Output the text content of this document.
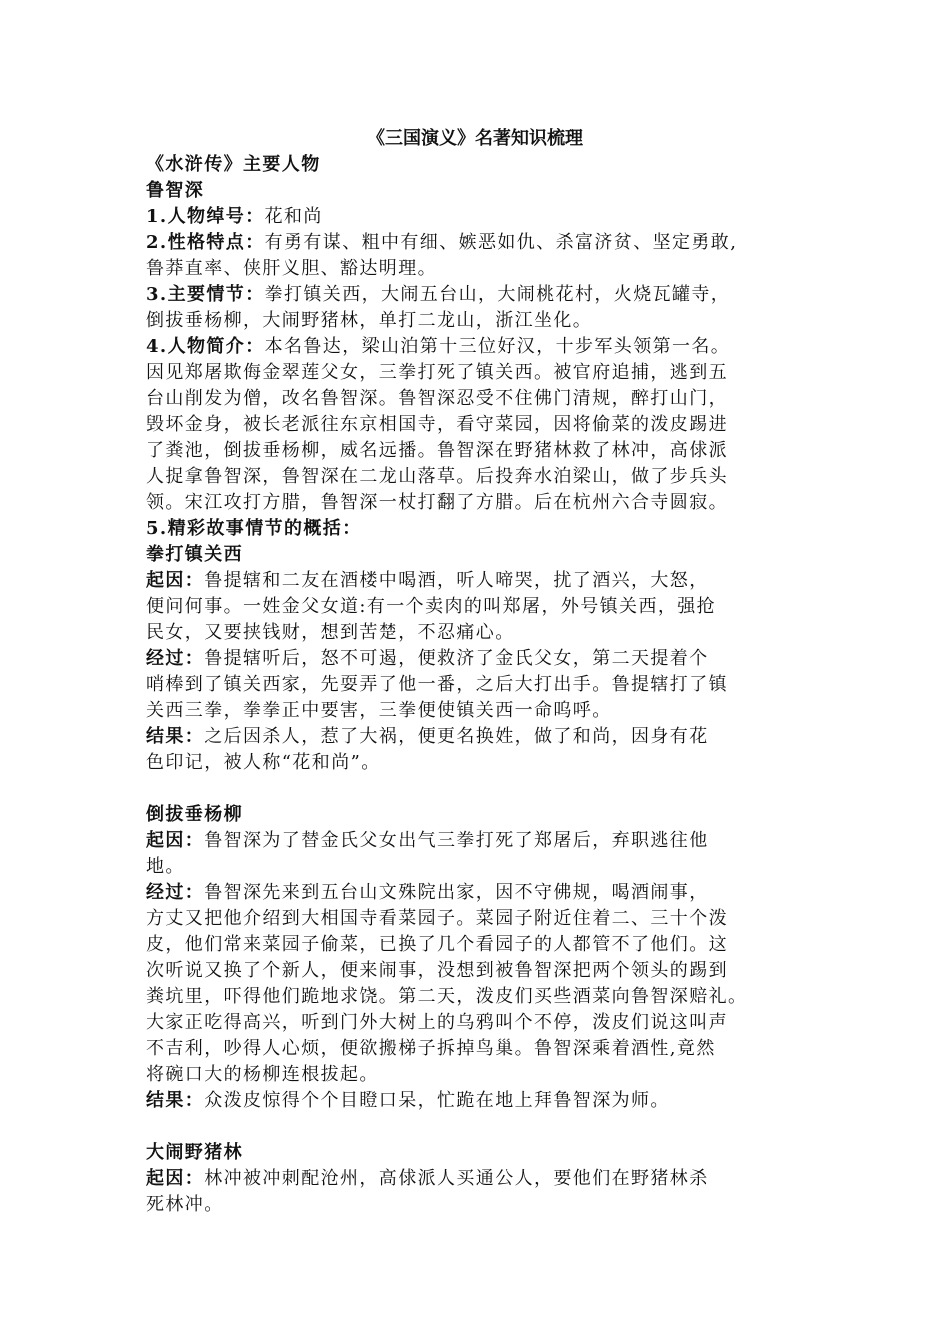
《三国演义》名著知识梳理
《水浒传》主要人物
鲁智深
1.人物绰号：花和尚
2.性格特点：有勇有谋、粗中有细、嫉恶如仇、杀富济贫、坚定勇敢,
鲁莽直率、侠肝义胆、豁达明理。
3.主要情节：拳打镇关西，大闹五台山，大闹桃花村，火烧瓦罐寺，
倒拔垂杨柳，大闹野猪林，单打二龙山，浙江坐化。
4.人物简介：本名鲁达，梁山泊第十三位好汉，十步军头领第一名。
因见郑屠欺侮金翠莲父女，三拳打死了镇关西。被官府追捕，逃到五
台山削发为僧，改名鲁智深。鲁智深忍受不住佛门清规，醉打山门，
毁坏金身，被长老派往东京相国寺，看守菜园，因将偷菜的泼皮踢进
了粪池，倒拔垂杨柳，威名远播。鲁智深在野猪林救了林冲，高俅派
人捉拿鲁智深，鲁智深在二龙山落草。后投奔水泊梁山，做了步兵头
领。宋江攻打方腊，鲁智深一杖打翻了方腊。后在杭州六合寺圆寂。
5.精彩故事情节的概括：
拳打镇关西
起因：鲁提辖和二友在酒楼中喝酒，听人啼哭，扰了酒兴，大怒，
便问何事。一姓金父女道:有一个卖肉的叫郑屠，外号镇关西，强抢
民女，又要挟钱财，想到苦楚，不忍痛心。
经过：鲁提辖听后，怒不可遏，便救济了金氏父女，第二天提着个
哨棒到了镇关西家，先耍弄了他一番，之后大打出手。鲁提辖打了镇
关西三拳，拳拳正中要害，三拳便使镇关西一命呜呼。
结果：之后因杀人，惹了大祸，便更名换姓，做了和尚，因身有花
色印记，被人称“花和尚”。
倒拔垂杨柳
起因：鲁智深为了替金氏父女出气三拳打死了郑屠后，弃职逃往他
地。
经过：鲁智深先来到五台山文殊院出家，因不守佛规，喝酒闹事，
方丈又把他介绍到大相国寺看菜园子。菜园子附近住着二、三十个泼
皮，他们常来菜园子偷菜，已换了几个看园子的人都管不了他们。这
次听说又换了个新人，便来闹事，没想到被鲁智深把两个领头的踢到
粪坑里，吓得他们跪地求饶。第二天，泼皮们买些酒菜向鲁智深赔礼。
大家正吃得高兴，听到门外大树上的乌鸦叫个不停，泼皮们说这叫声
不吉利，吵得人心烦，便欲搬梯子拆掉鸟巢。鲁智深乘着酒性,竟然
将碗口大的杨柳连根拔起。
结果：众泼皮惊得个个目瞪口呆，忙跪在地上拜鲁智深为师。
大闹野猪林
起因：林冲被冲刺配沧州，高俅派人买通公人，要他们在野猪林杀
死林冲。
